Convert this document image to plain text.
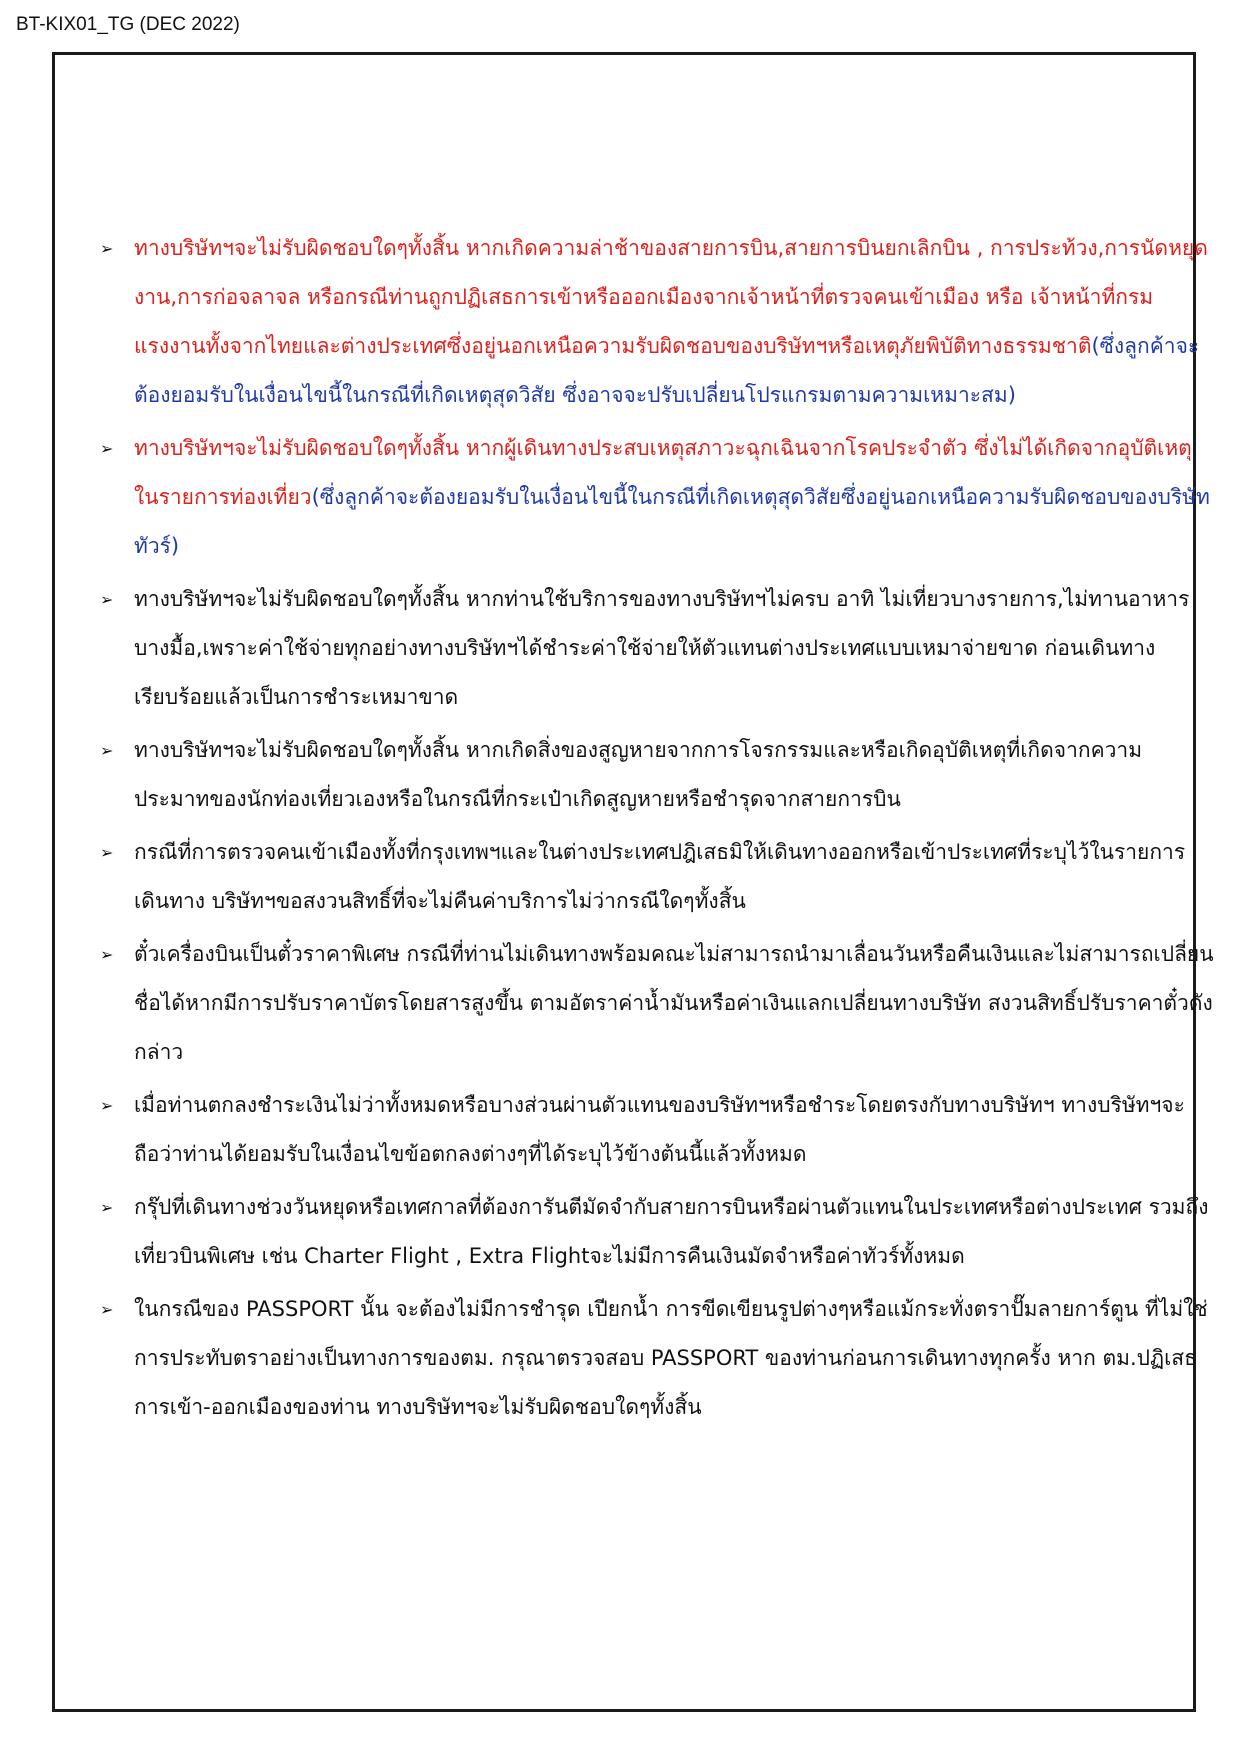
BT-KIX01_TG (DEC 2022)
➢ ทางบริษัทฯจะไม่รับผิดชอบใดๆทั้งสิ้น หากเกิดความล่าช้าของสายการบิน,สายการบินยกเลิกบิน , การประท้วง,การนัดหยุดงาน,การก่อจลาจล หรือกรณีท่านถูกปฏิเสธการเข้าหรือออกเมืองจากเจ้าหน้าที่ตรวจคนเข้าเมือง หรือ เจ้าหน้าที่กรมแรงงานทั้งจากไทยและต่างประเทศซึ่งอยู่นอกเหนือความรับผิดชอบของบริษัทฯหรือเหตุภัยพิบัติทางธรรมชาติ(ซึ่งลูกค้าจะต้องยอมรับในเงื่อนไขนี้ในกรณีที่เกิดเหตุสุดวิสัย ซึ่งอาจจะปรับเปลี่ยนโปรแกรมตามความเหมาะสม)
➢ ทางบริษัทฯจะไม่รับผิดชอบใดๆทั้งสิ้น หากผู้เดินทางประสบเหตุสภาวะฉุกเฉินจากโรคประจำตัว ซึ่งไม่ได้เกิดจากอุบัติเหตุในรายการท่องเที่ยว(ซึ่งลูกค้าจะต้องยอมรับในเงื่อนไขนี้ในกรณีที่เกิดเหตุสุดวิสัยซึ่งอยู่นอกเหนือความรับผิดชอบของบริษัททัวร์)
➢ ทางบริษัทฯจะไม่รับผิดชอบใดๆทั้งสิ้น หากท่านใช้บริการของทางบริษัทฯไม่ครบ อาทิ ไม่เที่ยวบางรายการ,ไม่ทานอาหารบางมื้อ,เพราะค่าใช้จ่ายทุกอย่างทางบริษัทฯได้ชำระค่าใช้จ่ายให้ตัวแทนต่างประเทศแบบเหมาจ่ายขาด ก่อนเดินทางเรียบร้อยแล้วเป็นการชำระเหมาขาด
➢ ทางบริษัทฯจะไม่รับผิดชอบใดๆทั้งสิ้น หากเกิดสิ่งของสูญหายจากการโจรกรรมและหรือเกิดอุบัติเหตุที่เกิดจากความประมาทของนักท่องเที่ยวเองหรือในกรณีที่กระเป๋าเกิดสูญหายหรือชำรุดจากสายการบิน
➢ กรณีที่การตรวจคนเข้าเมืองทั้งที่กรุงเทพฯและในต่างประเทศปฎิเสธมิให้เดินทางออกหรือเข้าประเทศที่ระบุไว้ในรายการเดินทาง บริษัทฯขอสงวนสิทธิ์ที่จะไม่คืนค่าบริการไม่ว่ากรณีใดๆทั้งสิ้น
➢ ตั๋วเครื่องบินเป็นตั๋วราคาพิเศษ กรณีที่ท่านไม่เดินทางพร้อมคณะไม่สามารถนำมาเลื่อนวันหรือคืนเงินและไม่สามารถเปลี่ยนชื่อได้หากมีการปรับราคาบัตรโดยสารสูงขึ้น ตามอัตราค่าน้ำมันหรือค่าเงินแลกเปลี่ยนทางบริษัท สงวนสิทธิ์ปรับราคาตั๋วดังกล่าว
➢ เมื่อท่านตกลงชำระเงินไม่ว่าทั้งหมดหรือบางส่วนผ่านตัวแทนของบริษัทฯหรือชำระโดยตรงกับทางบริษัทฯ ทางบริษัทฯจะถือว่าท่านได้ยอมรับในเงื่อนไขข้อตกลงต่างๆที่ได้ระบุไว้ข้างต้นนี้แล้วทั้งหมด
➢ กรุ๊ปที่เดินทางช่วงวันหยุดหรือเทศกาลที่ต้องการันตีมัดจำกับสายการบินหรือผ่านตัวแทนในประเทศหรือต่างประเทศ รวมถึงเที่ยวบินพิเศษ เช่น Charter Flight , Extra Flightจะไม่มีการคืนเงินมัดจำหรือค่าทัวร์ทั้งหมด
➢ ในกรณีของ PASSPORT นั้น จะต้องไม่มีการชำรุด เปียกน้ำ การขีดเขียนรูปต่างๆหรือแม้กระทั่งตราปั๊มลายการ์ตูน ที่ไม่ใช่การประทับตราอย่างเป็นทางการของตม. กรุณาตรวจสอบ PASSPORT ของท่านก่อนการเดินทางทุกครั้ง หาก ตม.ปฏิเสธการเข้า-ออกเมืองของท่าน ทางบริษัทฯจะไม่รับผิดชอบใดๆทั้งสิ้น
